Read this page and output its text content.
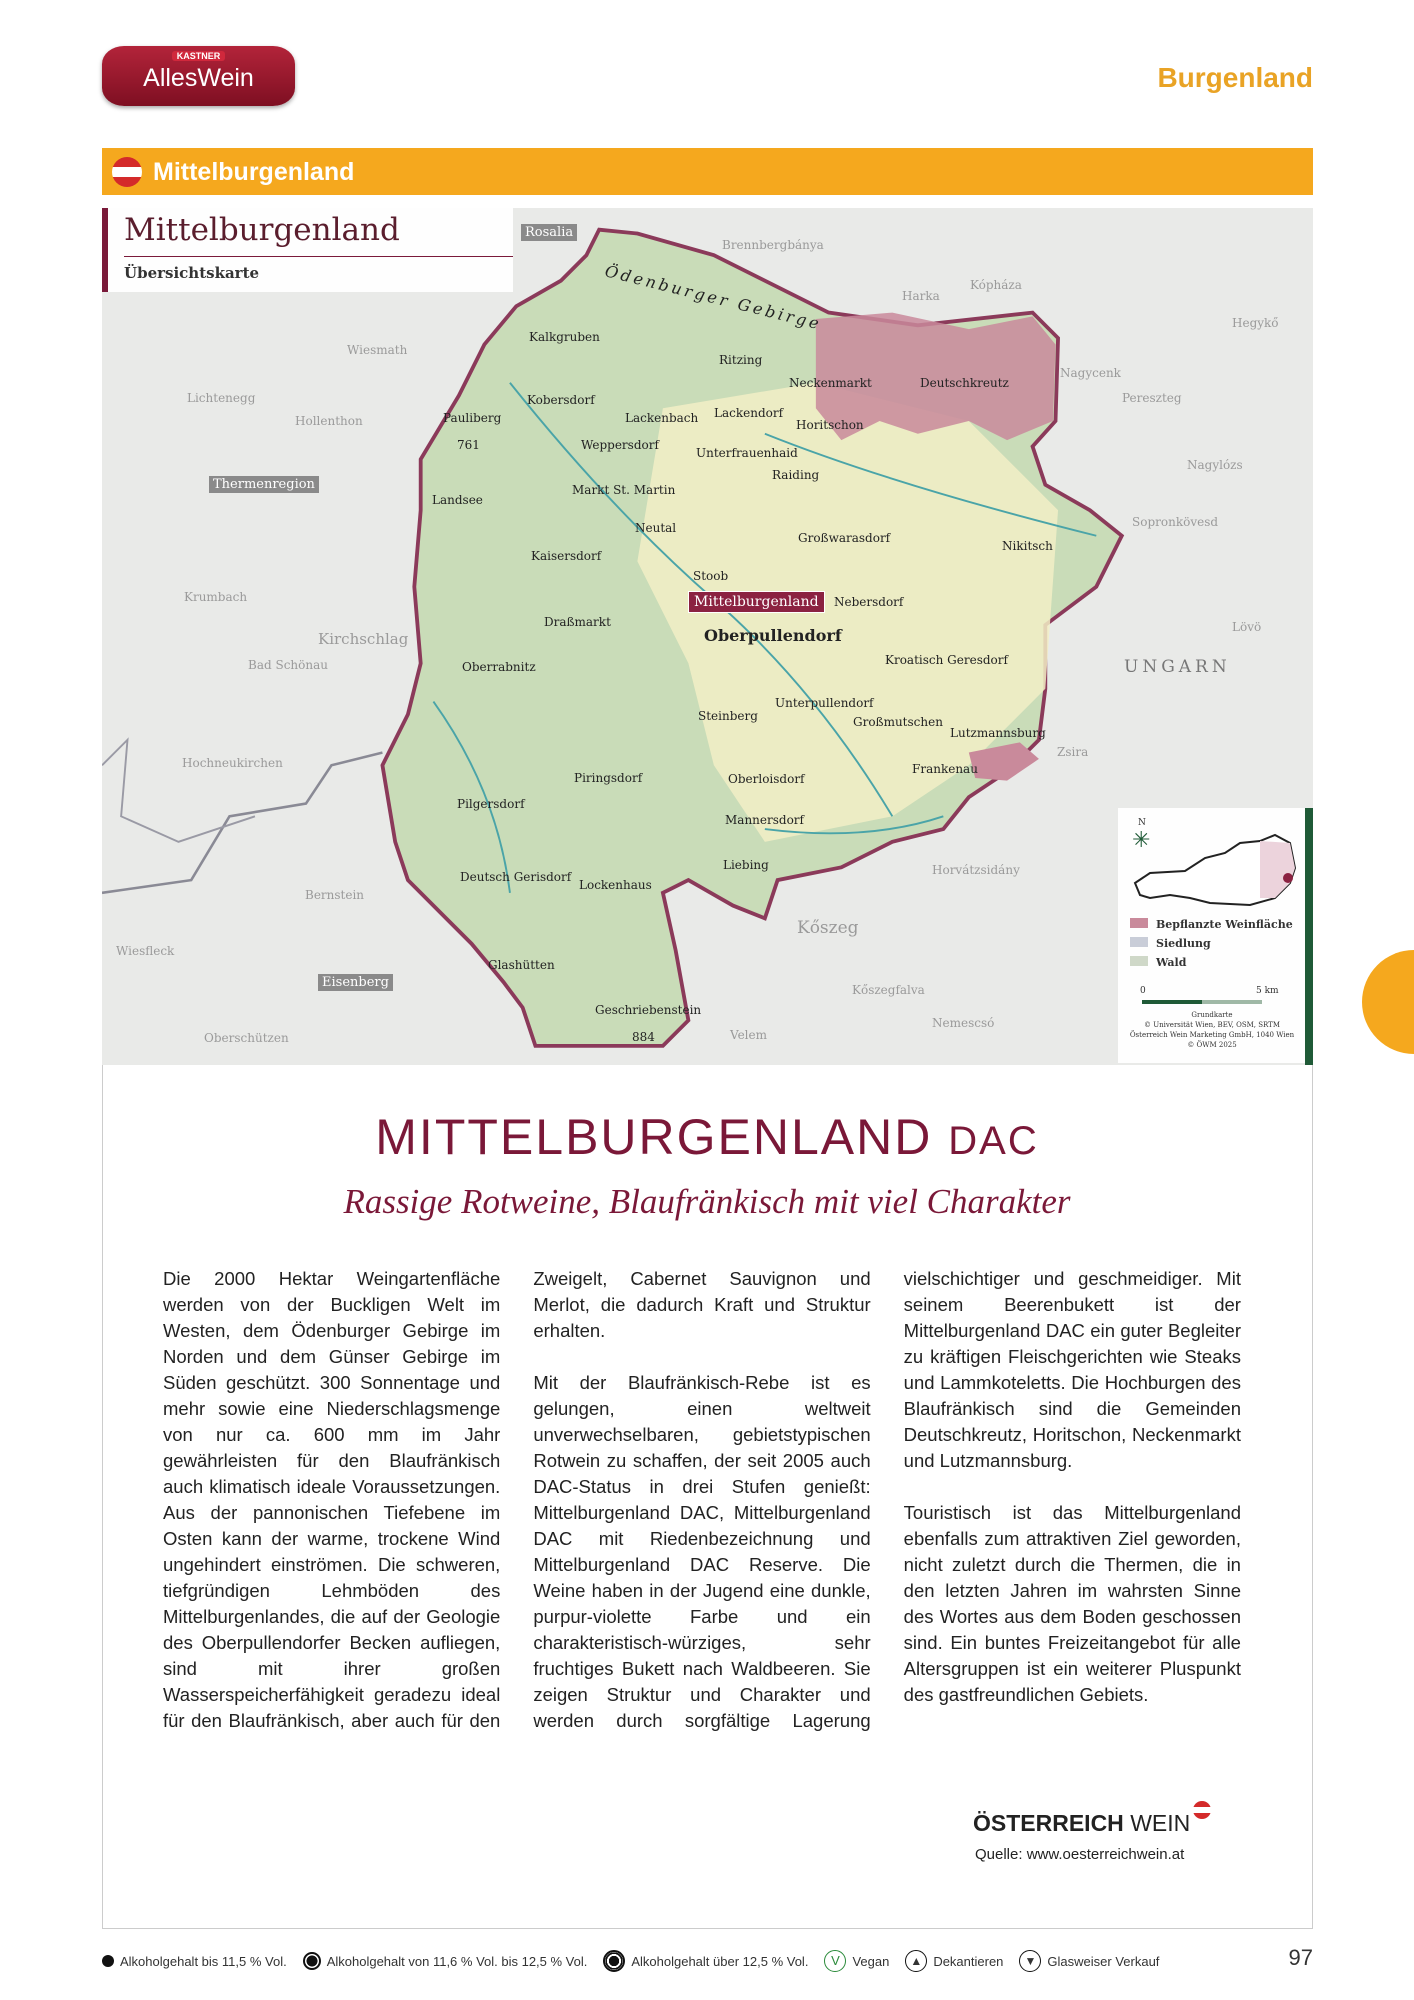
KASTNER
AllesWein	Burgenland
Mittelburgenland
Mittelburgenland
Übersichtskarte
Rosalia
Thermenregion
Eisenberg
Ödenburger Gebirge
UNGARN
Mittelburgenland
Kalkgruben
Ritzing
Neckenmarkt	Deutschkreutz
Kobersdorf
Lackenbach Lackendorf
Horitschon
Pauliberg
761	Weppersdorf
Unterfrauenhaid
Raiding
Markt St. Martin
Landsee
Neutal
Großwarasdorf
Nikitsch
Kaisersdorf
Stoob
Nebersdorf
Draßmarkt
Oberpullendorf
Oberrabnitz	Kroatisch Geresdorf
Unterpullendorf
Steinberg	Großmutschen
Lutzmannsburg
Frankenau
Piringsdorf	Oberloisdorf
Pilgersdorf
Mannersdorf
Liebing
Deutsch Gerisdorf
Lockenhaus
Glashütten
Geschriebenstein
884
Brennbergbánya
Harka
Kópháza
Hegykő
Nagycenk
Pereszteg
Nagylózs
Sopronkövesd
Lövö
Zsira
Horvátzsidány
Kőszeg
Kőszegfalva
Nemescsó
Velem
Wiesmath
Lichtenegg
Hollenthon
Krumbach
Kirchschlag
Bad Schönau
Hochneukirchen
Bernstein
Wiesfleck
Oberschützen
N
✳
Bepflanzte Weinfläche
Siedlung
Wald
0	5 km
Grundkarte
© Universität Wien, BEV, OSM, SRTM
Österreich Wein Marketing GmbH, 1040 Wien
© ÖWM 2025
MITTELBURGENLAND DAC
Rassige Rotweine, Blaufränkisch mit viel Charakter

Die 2000 Hektar Weingartenfläche werden von der Buckligen Welt im Westen, dem Ödenburger Gebirge im Norden und dem Günser Gebirge im Süden geschützt. 300 Sonnentage und mehr sowie eine Niederschlagsmenge von nur ca. 600 mm im Jahr gewährleisten für den Blaufränkisch auch klimatisch ideale Voraussetzungen. Aus der pannonischen Tiefebene im Osten kann der warme, trockene Wind ungehindert einströmen. Die schweren, tiefgründigen Lehmböden des Mittelburgenlandes, die auf der Geologie des Oberpullendorfer Becken aufliegen, sind mit ihrer großen Wasserspeicherfähigkeit geradezu ideal für den Blaufränkisch, aber auch für den Zweigelt, Cabernet Sauvignon und Merlot, die dadurch Kraft und Struktur erhalten.

Mit der Blaufränkisch-Rebe ist es gelungen, einen weltweit unverwechselbaren, gebietstypischen Rotwein zu schaffen, der seit 2005 auch DAC-Status in drei Stufen genießt: Mittelburgenland DAC, Mittelburgenland DAC mit Riedenbezeichnung und Mittelburgenland DAC Reserve. Die Weine haben in der Jugend eine dunkle, purpur-violette Farbe und ein charakteristisch-würziges, sehr fruchtiges Bukett nach Waldbeeren. Sie zeigen Struktur und Charakter und werden durch sorgfältige Lagerung vielschichtiger und geschmeidiger. Mit seinem Beerenbukett ist der Mittelburgenland DAC ein guter Begleiter zu kräftigen Fleischgerichten wie Steaks und Lammkoteletts. Die Hochburgen des Blaufränkisch sind die Gemeinden Deutschkreutz, Horitschon, Neckenmarkt und Lutzmannsburg.

Touristisch ist das Mittelburgenland ebenfalls zum attraktiven Ziel geworden, nicht zuletzt durch die Thermen, die in den letzten Jahren im wahrsten Sinne des Wortes aus dem Boden geschossen sind. Ein buntes Freizeitangebot für alle Altersgruppen ist ein weiterer Pluspunkt des gastfreundlichen Gebiets.

ÖSTERREICH WEIN
Quelle: www.oesterreichwein.at
Alkoholgehalt bis 11,5 % Vol.	Alkoholgehalt von 11,6 % Vol. bis 12,5 % Vol.	Alkoholgehalt über 12,5 % Vol.	V Vegan	▲ Dekantieren	▼ Glasweiser Verkauf	97
